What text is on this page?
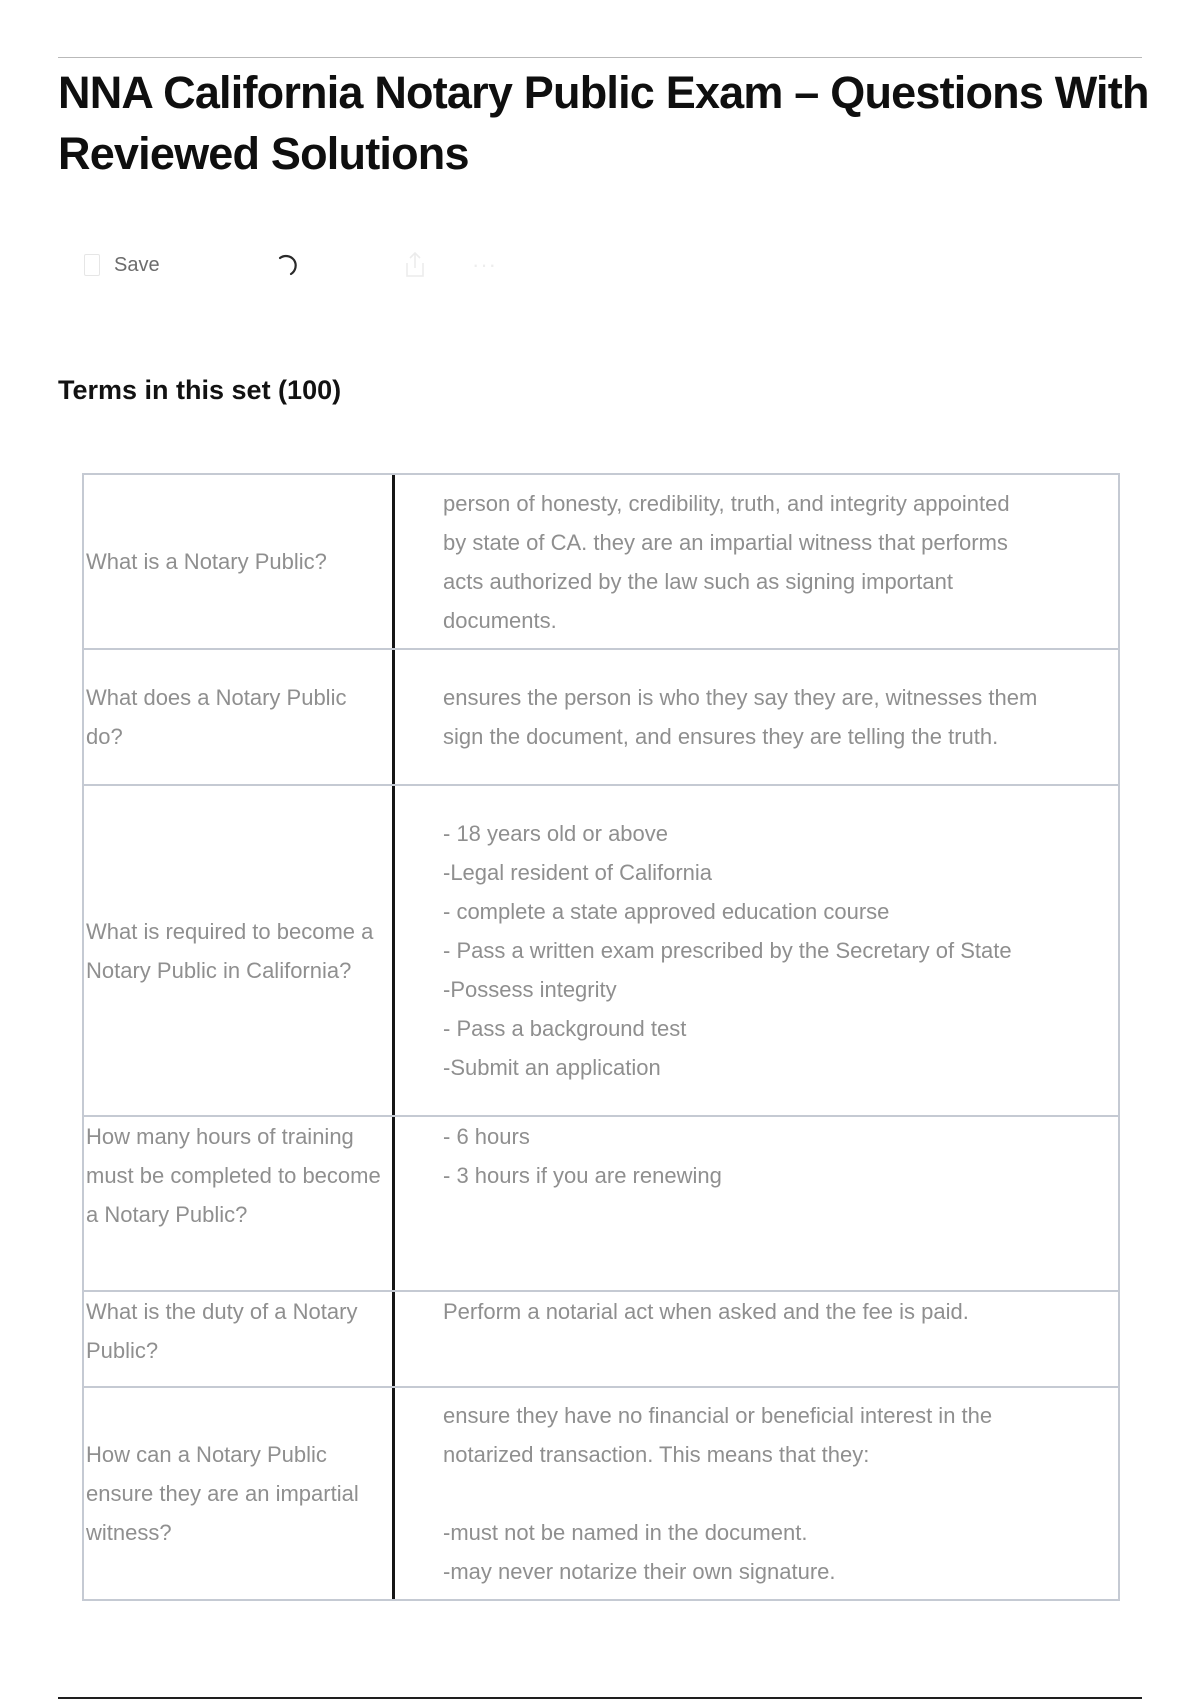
NNA California Notary Public Exam – Questions With Reviewed Solutions
Save	···
Terms in this set (100)
What is a Notary Public?
person of honesty, credibility, truth, and integrity appointed by state of CA. they are an impartial witness that performs acts authorized by the law such as signing important documents.
What does a Notary Public do?
ensures the person is who they say they are, witnesses them sign the document, and ensures they are telling the truth.
What is required to become a Notary Public in California?
- 18 years old or above
-Legal resident of California
- complete a state approved education course
- Pass a written exam prescribed by the Secretary of State
-Possess integrity
- Pass a background test
-Submit an application
How many hours of training must be completed to become a Notary Public?
- 6 hours
- 3 hours if you are renewing
What is the duty of a Notary Public?
Perform a notarial act when asked and the fee is paid.
How can a Notary Public ensure they are an impartial witness?
ensure they have no financial or beneficial interest in the notarized transaction. This means that they:

-must not be named in the document.
-may never notarize their own signature.
